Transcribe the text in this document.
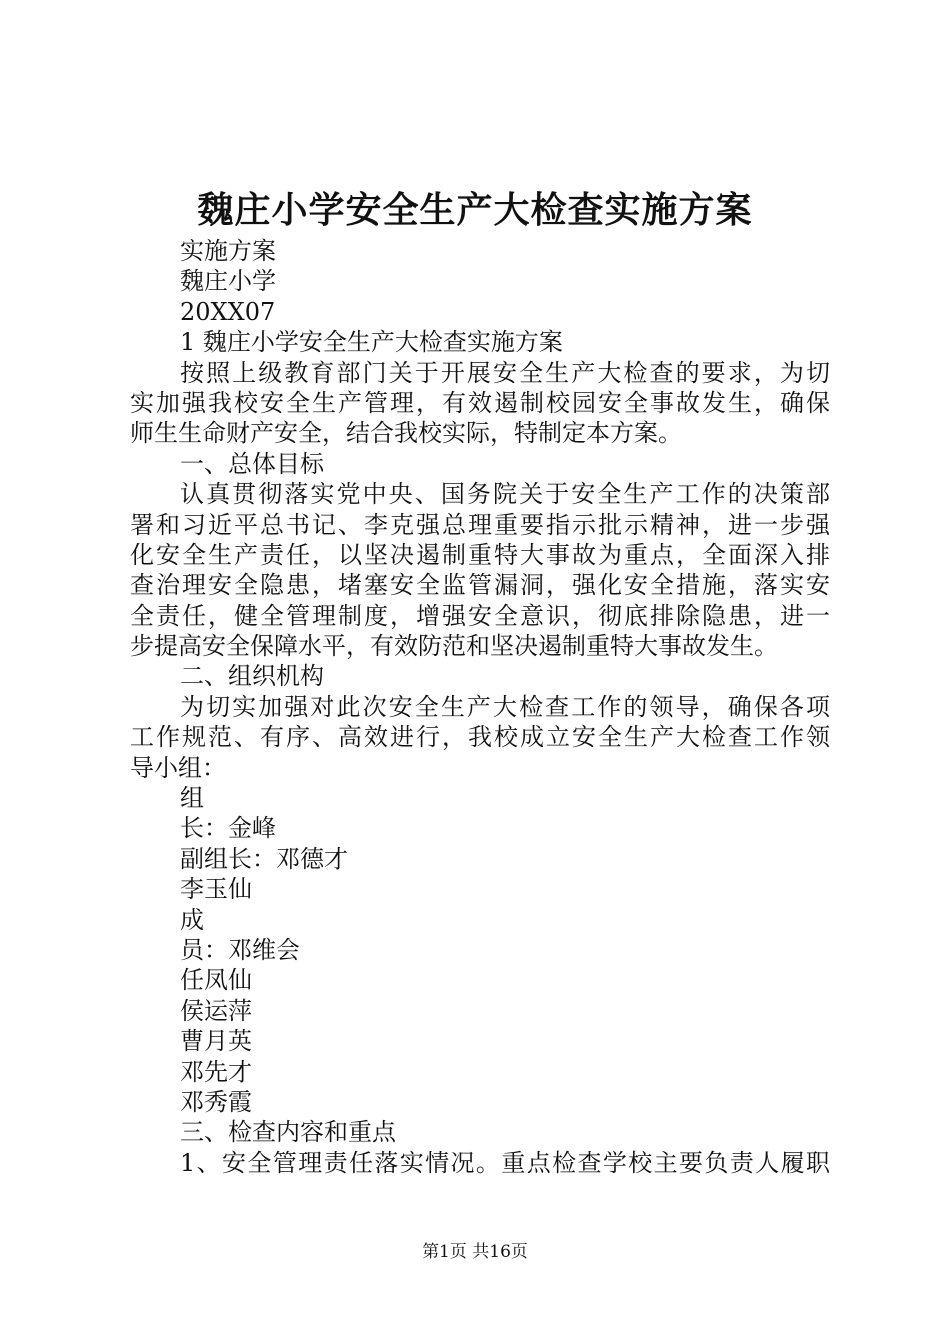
魏庄小学安全生产大检查实施方案
实施方案
魏庄小学
20XX07
1 魏庄小学安全生产大检查实施方案
按照上级教育部门关于开展安全生产大检查的要求，为切
实加强我校安全生产管理，有效遏制校园安全事故发生，确保
师生生命财产安全，结合我校实际，特制定本方案。
一、总体目标
认真贯彻落实党中央、国务院关于安全生产工作的决策部
署和习近平总书记、李克强总理重要指示批示精神，进一步强
化安全生产责任，以坚决遏制重特大事故为重点，全面深入排
查治理安全隐患，堵塞安全监管漏洞，强化安全措施，落实安
全责任，健全管理制度，增强安全意识，彻底排除隐患，进一
步提高安全保障水平，有效防范和坚决遏制重特大事故发生。
二、组织机构
为切实加强对此次安全生产大检查工作的领导，确保各项
工作规范、有序、高效进行，我校成立安全生产大检查工作领
导小组：
组
长：金峰
副组长：邓德才
李玉仙
成
员：邓维会
任凤仙
侯运萍
曹月英
邓先才
邓秀霞
三、检查内容和重点
1、安全管理责任落实情况。重点检查学校主要负责人履职
第1页 共16页
